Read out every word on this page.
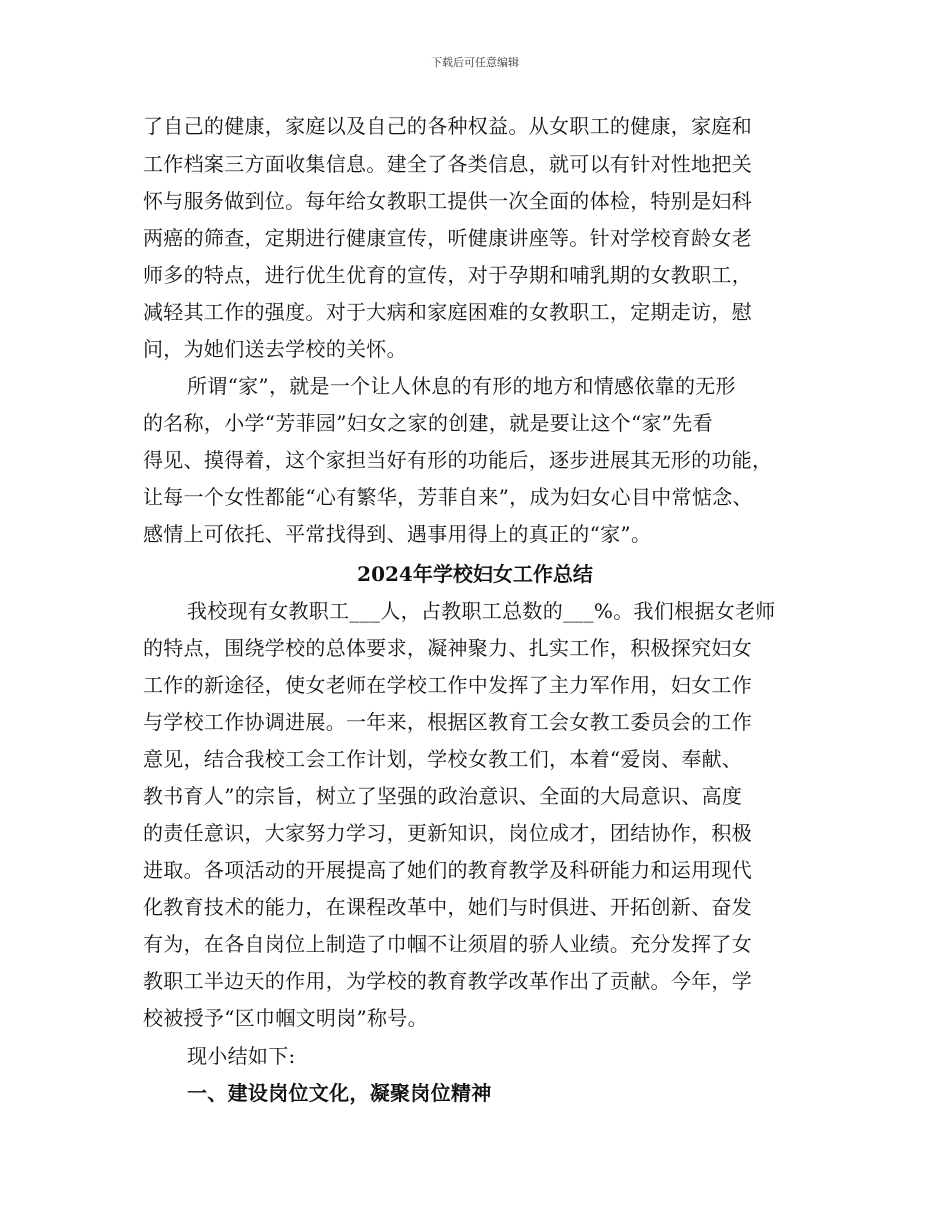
下载后可任意编辑
了自己的健康，家庭以及自己的各种权益。从女职工的健康，家庭和
工作档案三方面收集信息。建全了各类信息，就可以有针对性地把关
怀与服务做到位。每年给女教职工提供一次全面的体检，特别是妇科
两癌的筛查，定期进行健康宣传，听健康讲座等。针对学校育龄女老
师多的特点，进行优生优育的宣传，对于孕期和哺乳期的女教职工，
减轻其工作的强度。对于大病和家庭困难的女教职工，定期走访，慰
问，为她们送去学校的关怀。
所谓“家”，就是一个让人休息的有形的地方和情感依靠的无形
的名称，小学“芳菲园”妇女之家的创建，就是要让这个“家”先看
得见、摸得着，这个家担当好有形的功能后，逐步进展其无形的功能，
让每一个女性都能“心有繁华，芳菲自来”，成为妇女心目中常惦念、
感情上可依托、平常找得到、遇事用得上的真正的“家”。
2024年学校妇女工作总结
我校现有女教职工___人，占教职工总数的___%。我们根据女老师
的特点，围绕学校的总体要求，凝神聚力、扎实工作，积极探究妇女
工作的新途径，使女老师在学校工作中发挥了主力军作用，妇女工作
与学校工作协调进展。一年来，根据区教育工会女教工委员会的工作
意见，结合我校工会工作计划，学校女教工们，本着“爱岗、奉献、
教书育人”的宗旨，树立了坚强的政治意识、全面的大局意识、高度
的责任意识，大家努力学习，更新知识，岗位成才，团结协作，积极
进取。各项活动的开展提高了她们的教育教学及科研能力和运用现代
化教育技术的能力，在课程改革中，她们与时俱进、开拓创新、奋发
有为，在各自岗位上制造了巾帼不让须眉的骄人业绩。充分发挥了女
教职工半边天的作用，为学校的教育教学改革作出了贡献。今年，学
校被授予“区巾帼文明岗”称号。
现小结如下:
一、建设岗位文化，凝聚岗位精神
